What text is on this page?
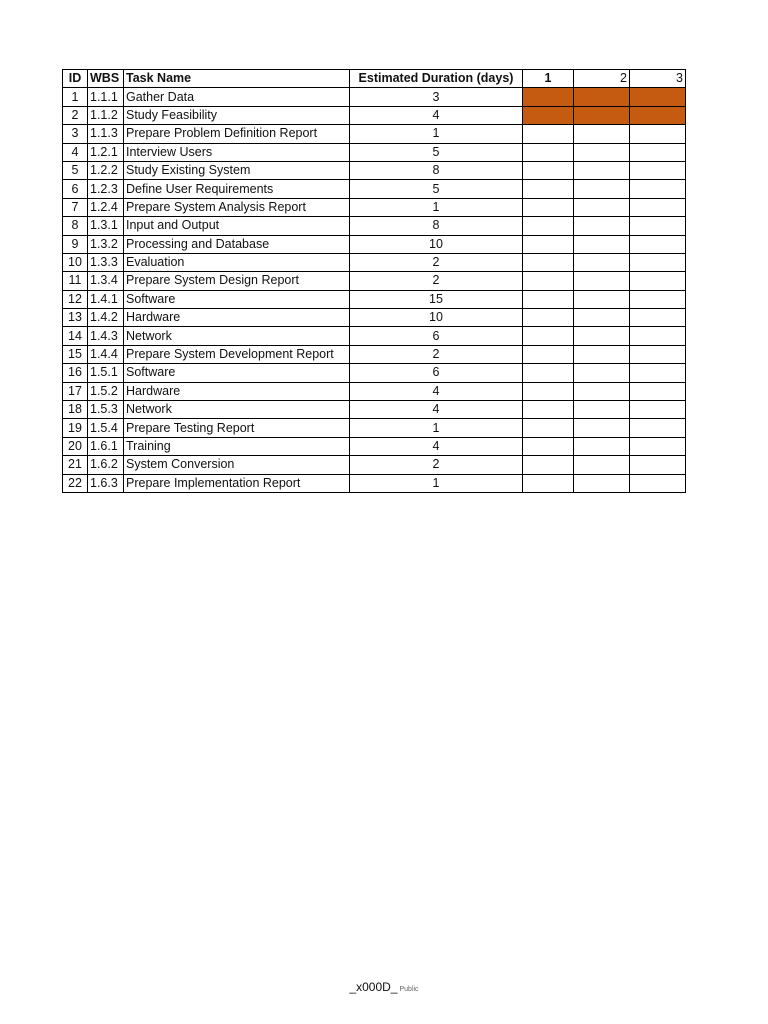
ID	WBS	Task Name	Estimated Duration (days)	1	2	3
1	1.1.1	Gather Data	3			
2	1.1.2	Study Feasibility	4			
3	1.1.3	Prepare Problem Definition Report	1			
4	1.2.1	Interview Users	5			
5	1.2.2	Study Existing System	8			
6	1.2.3	Define User Requirements	5			
7	1.2.4	Prepare System Analysis Report	1			
8	1.3.1	Input and Output	8			
9	1.3.2	Processing and Database	10			
10	1.3.3	Evaluation	2			
11	1.3.4	Prepare System Design Report	2			
12	1.4.1	Software	15			
13	1.4.2	Hardware	10			
14	1.4.3	Network	6			
15	1.4.4	Prepare System Development Report	2			
16	1.5.1	Software	6			
17	1.5.2	Hardware	4			
18	1.5.3	Network	4			
19	1.5.4	Prepare Testing Report	1			
20	1.6.1	Training	4			
21	1.6.2	System Conversion	2			
22	1.6.3	Prepare Implementation Report	1			
_x000D_ Public
